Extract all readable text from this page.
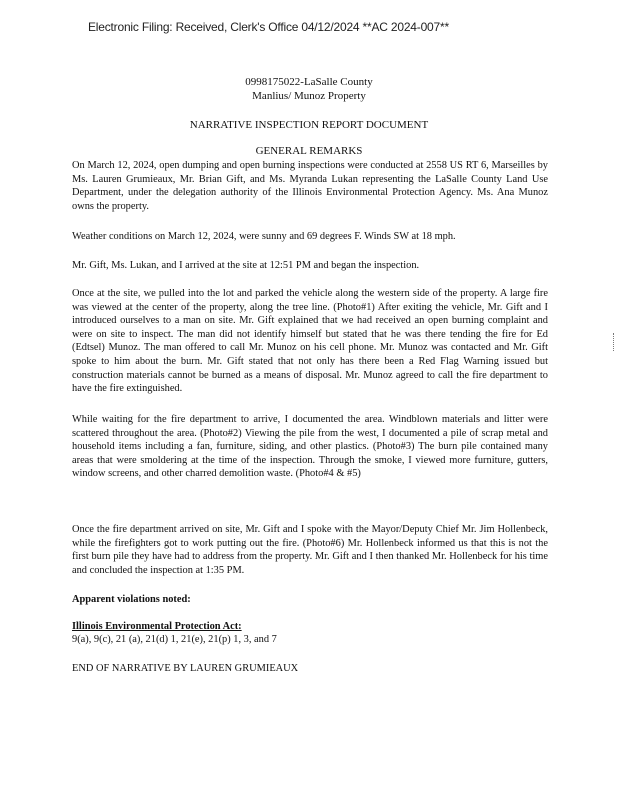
Electronic Filing: Received, Clerk's Office 04/12/2024 **AC 2024-007**
0998175022-LaSalle County
Manlius/ Munoz Property
NARRATIVE INSPECTION REPORT DOCUMENT
GENERAL REMARKS

On March 12, 2024, open dumping and open burning inspections were conducted at 2558 US RT 6, Marseilles by Ms. Lauren Grumieaux, Mr. Brian Gift, and Ms. Myranda Lukan representing the LaSalle County Land Use Department, under the delegation authority of the Illinois Environmental Protection Agency. Ms. Ana Munoz owns the property.

Weather conditions on March 12, 2024, were sunny and 69 degrees F. Winds SW at 18 mph.

Mr. Gift, Ms. Lukan, and I arrived at the site at 12:51 PM and began the inspection.

Once at the site, we pulled into the lot and parked the vehicle along the western side of the property. A large fire was viewed at the center of the property, along the tree line. (Photo#1) After exiting the vehicle, Mr. Gift and I introduced ourselves to a man on site. Mr. Gift explained that we had received an open burning complaint and were on site to inspect. The man did not identify himself but stated that he was there tending the fire for Ed (Edtsel) Munoz. The man offered to call Mr. Munoz on his cell phone. Mr. Munoz was contacted and Mr. Gift spoke to him about the burn. Mr. Gift stated that not only has there been a Red Flag Warning issued but construction materials cannot be burned as a means of disposal. Mr. Munoz agreed to call the fire department to have the fire extinguished.

While waiting for the fire department to arrive, I documented the area. Windblown materials and litter were scattered throughout the area. (Photo#2) Viewing the pile from the west, I documented a pile of scrap metal and household items including a fan, furniture, siding, and other plastics. (Photo#3) The burn pile contained many areas that were smoldering at the time of the inspection. Through the smoke, I viewed more furniture, gutters, window screens, and other charred demolition waste. (Photo#4 & #5)

Once the fire department arrived on site, Mr. Gift and I spoke with the Mayor/Deputy Chief Mr. Jim Hollenbeck, while the firefighters got to work putting out the fire. (Photo#6) Mr. Hollenbeck informed us that this is not the first burn pile they have had to address from the property. Mr. Gift and I then thanked Mr. Hollenbeck for his time and concluded the inspection at 1:35 PM.

Apparent violations noted:

Illinois Environmental Protection Act:

9(a), 9(c), 21 (a), 21(d) 1, 21(e), 21(p) 1, 3, and 7

END OF NARRATIVE BY LAUREN GRUMIEAUX
